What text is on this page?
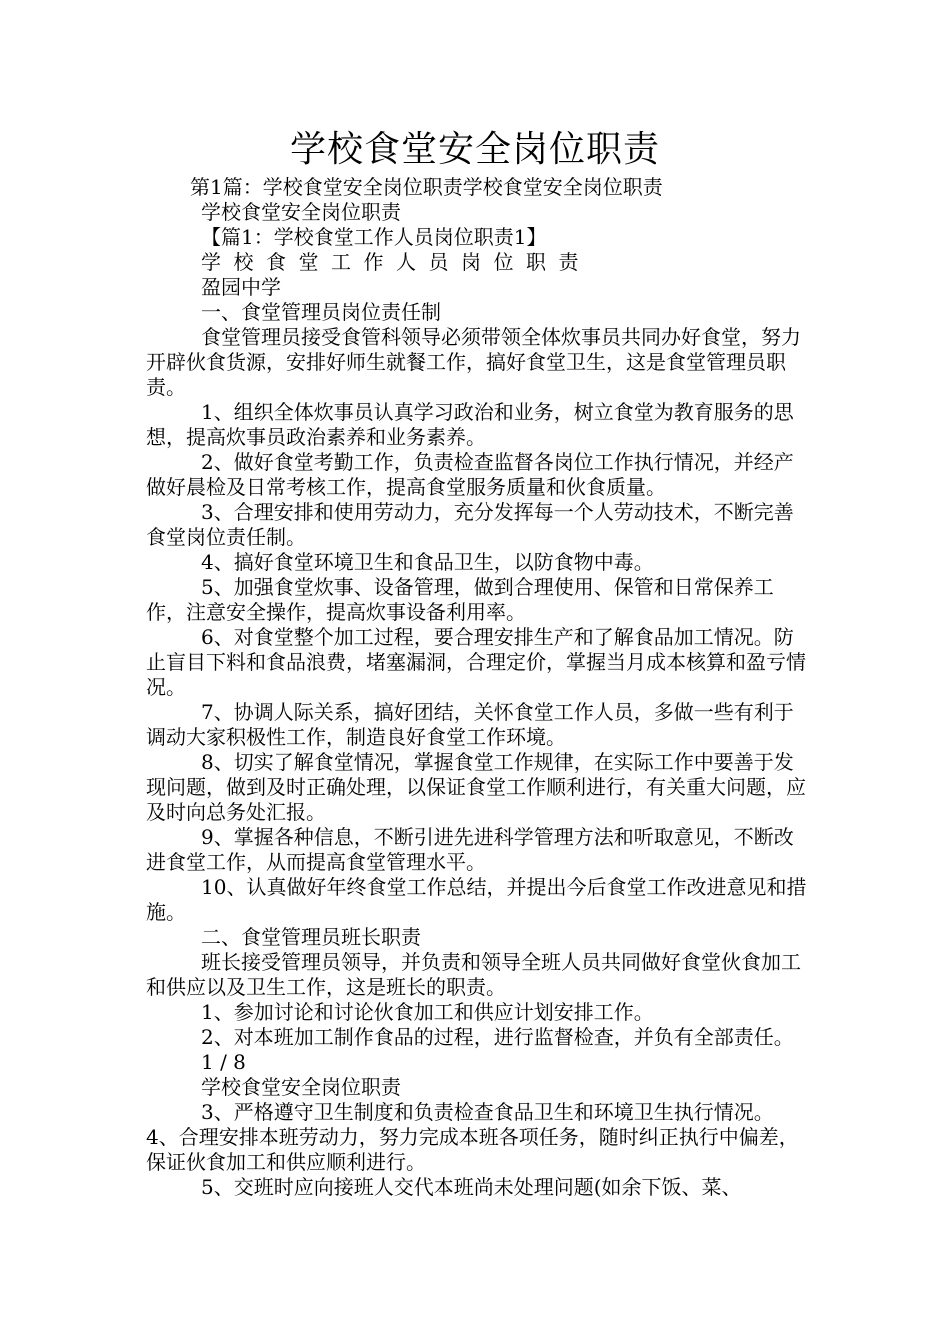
学校食堂安全岗位职责

第1篇：学校食堂安全岗位职责学校食堂安全岗位职责

学校食堂安全岗位职责

【篇1：学校食堂工作人员岗位职责1】

学校食堂工作人员岗位职责

盈园中学

一、食堂管理员岗位责任制

食堂管理员接受食管科领导必须带领全体炊事员共同办好食堂，努力开辟伙食货源，安排好师生就餐工作，搞好食堂卫生，这是食堂管理员职责。

1、组织全体炊事员认真学习政治和业务，树立食堂为教育服务的思想，提高炊事员政治素养和业务素养。

2、做好食堂考勤工作，负责检查监督各岗位工作执行情况，并经产做好晨检及日常考核工作，提高食堂服务质量和伙食质量。

3、合理安排和使用劳动力，充分发挥每一个人劳动技术，不断完善食堂岗位责任制。

4、搞好食堂环境卫生和食品卫生，以防食物中毒。

5、加强食堂炊事、设备管理，做到合理使用、保管和日常保养工作，注意安全操作，提高炊事设备利用率。

6、对食堂整个加工过程，要合理安排生产和了解食品加工情况。防止盲目下料和食品浪费，堵塞漏洞，合理定价，掌握当月成本核算和盈亏情况。

7、协调人际关系，搞好团结，关怀食堂工作人员，多做一些有利于调动大家积极性工作，制造良好食堂工作环境。

8、切实了解食堂情况，掌握食堂工作规律，在实际工作中要善于发现问题，做到及时正确处理，以保证食堂工作顺利进行，有关重大问题，应及时向总务处汇报。

9、掌握各种信息，不断引进先进科学管理方法和听取意见，不断改进食堂工作，从而提高食堂管理水平。

10、认真做好年终食堂工作总结，并提出今后食堂工作改进意见和措施。

二、食堂管理员班长职责

班长接受管理员领导，并负责和领导全班人员共同做好食堂伙食加工和供应以及卫生工作，这是班长的职责。

1、参加讨论和讨论伙食加工和供应计划安排工作。

2、对本班加工制作食品的过程，进行监督检查，并负有全部责任。

1 / 8

学校食堂安全岗位职责

3、严格遵守卫生制度和负责检查食品卫生和环境卫生执行情况。　4、合理安排本班劳动力，努力完成本班各项任务，随时纠正执行中偏差，保证伙食加工和供应顺利进行。

5、交班时应向接班人交代本班尚未处理问题(如余下饭、菜、
